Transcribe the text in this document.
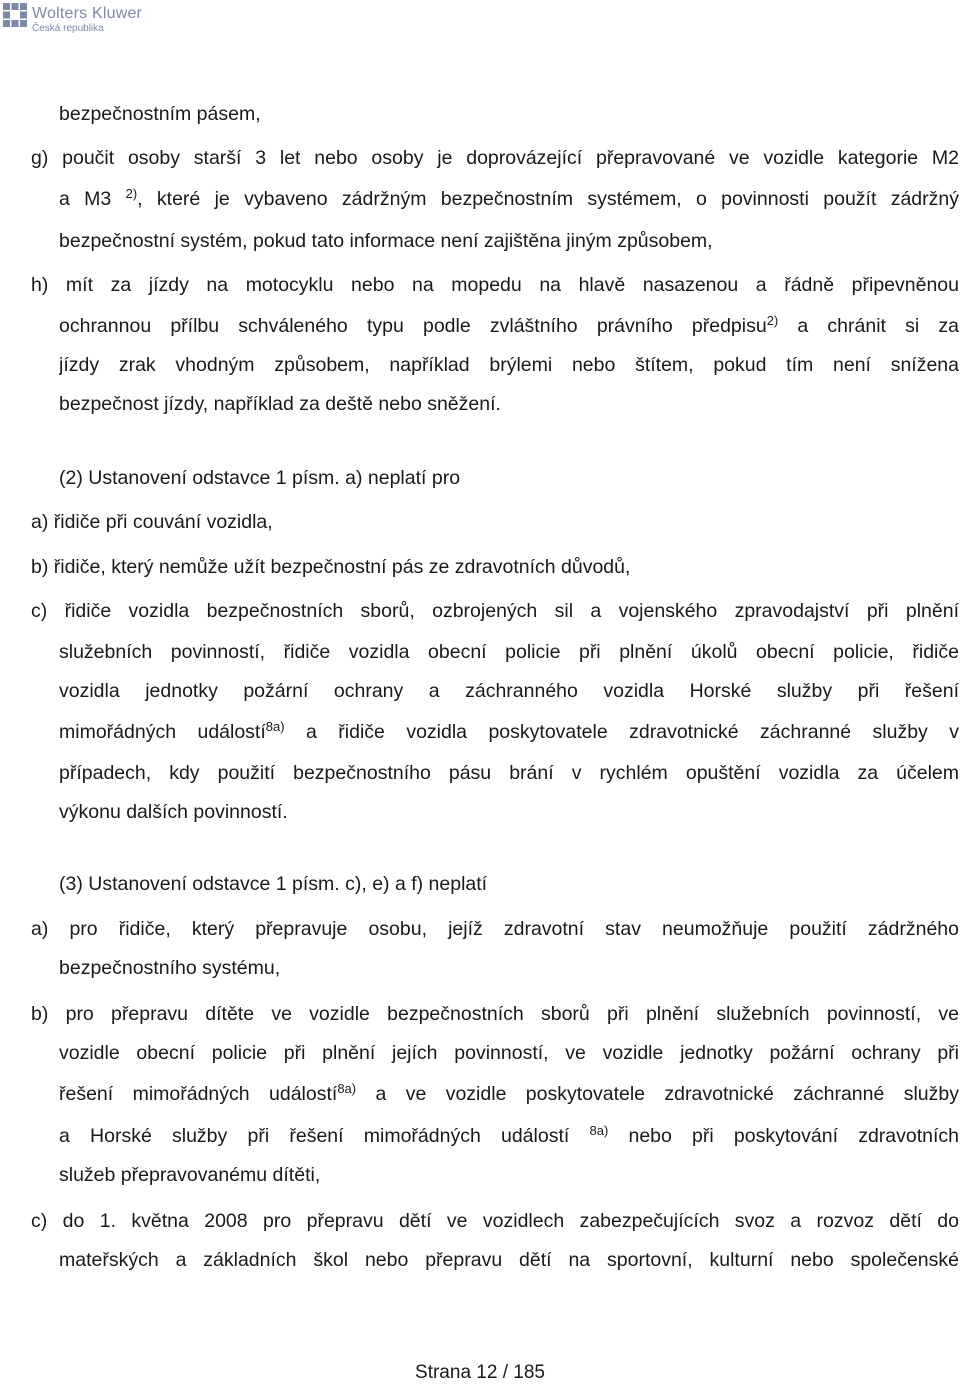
Wolters Kluwer
Česká republika
bezpečnostním pásem,
g) poučit osoby starší 3 let nebo osoby je doprovázející přepravované ve vozidle kategorie M2
a M3 $^{2)}$, které je vybaveno zádržným bezpečnostním systémem, o povinnosti použít zádržný
bezpečnostní systém, pokud tato informace není zajištěna jiným způsobem,
h) mít za jízdy na motocyklu nebo na mopedu na hlavě nasazenou a řádně připevněnou
ochrannou přílbu schváleného typu podle zvláštního právního předpisu$^{2)}$ a chránit si za
jízdy zrak vhodným způsobem, například brýlemi nebo štítem, pokud tím není snížena
bezpečnost jízdy, například za deště nebo sněžení.
(2) Ustanovení odstavce 1 písm. a) neplatí pro
a) řidiče při couvání vozidla,
b) řidiče, který nemůže užít bezpečnostní pás ze zdravotních důvodů,
c) řidiče vozidla bezpečnostních sborů, ozbrojených sil a vojenského zpravodajství při plnění
služebních povinností, řidiče vozidla obecní policie při plnění úkolů obecní policie, řidiče
vozidla jednotky požární ochrany a záchranného vozidla Horské služby při řešení
mimořádných událostí$^{8a)}$ a řidiče vozidla poskytovatele zdravotnické záchranné služby v
případech, kdy použití bezpečnostního pásu brání v rychlém opuštění vozidla za účelem
výkonu dalších povinností.
(3) Ustanovení odstavce 1 písm. c), e) a f) neplatí
a) pro řidiče, který přepravuje osobu, jejíž zdravotní stav neumožňuje použití zádržného
bezpečnostního systému,
b) pro přepravu dítěte ve vozidle bezpečnostních sborů při plnění služebních povinností, ve
vozidle obecní policie při plnění jejích povinností, ve vozidle jednotky požární ochrany při
řešení mimořádných událostí$^{8a)}$ a ve vozidle poskytovatele zdravotnické záchranné služby
a Horské služby při řešení mimořádných událostí $^{8a)}$ nebo při poskytování zdravotních
služeb přepravovanému dítěti,
c) do 1. května 2008 pro přepravu dětí ve vozidlech zabezpečujících svoz a rozvoz dětí do
mateřských a základních škol nebo přepravu dětí na sportovní, kulturní nebo společenské
Strana 12 / 185
